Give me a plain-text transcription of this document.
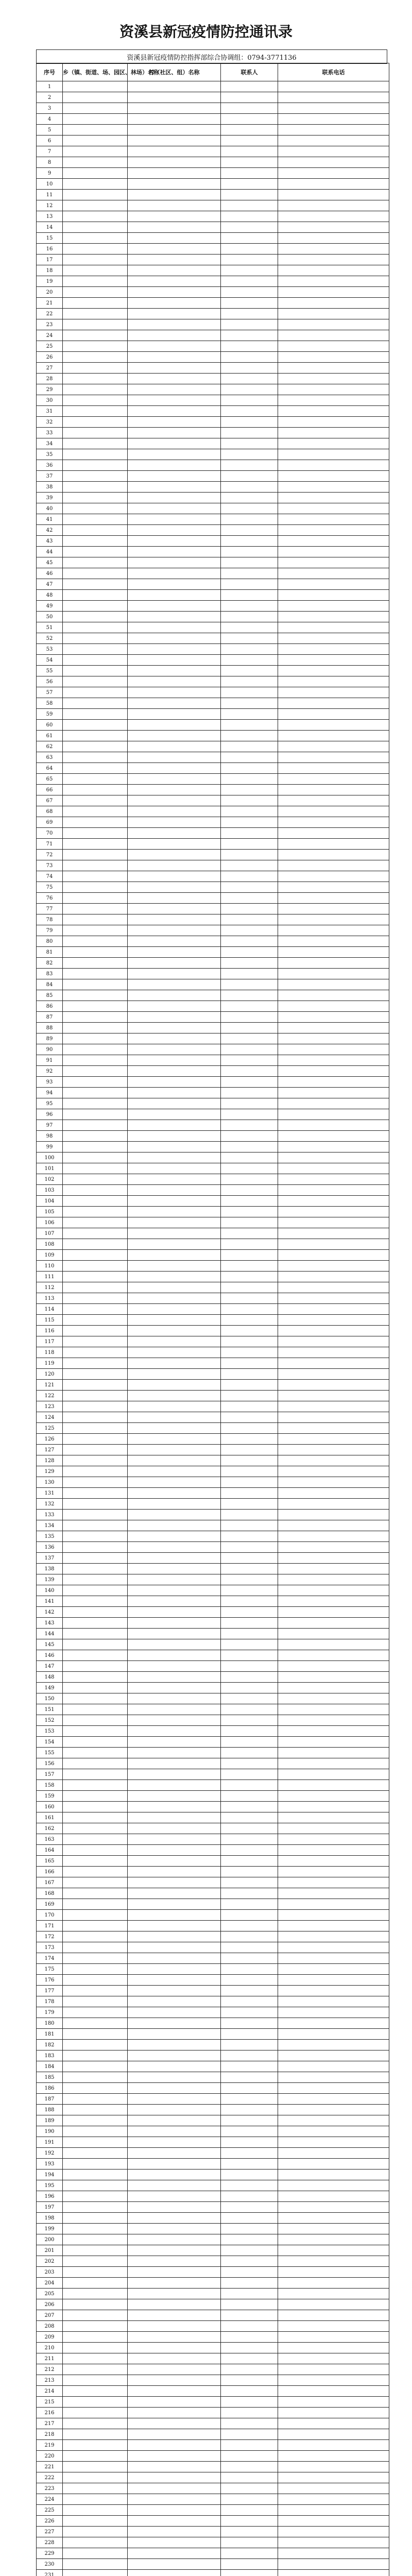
资溪县新冠疫情防控通讯录
资溪县新冠疫情防控指挥部综合协调组：0794-3771136
序号	乡（镇、街道、场、园区、林场）名称	村（社区、组）名称	联系人	联系电话
1				
2				
3				
4				
5				
6				
7				
8				
9				
10				
11				
12				
13				
14				
15				
16				
17				
18				
19				
20				
21				
22				
23				
24				
25				
26				
27				
28				
29				
30				
31				
32				
33				
34				
35				
36				
37				
38				
39				
40				
41				
42				
43				
44				
45				
46				
47				
48				
49				
50				
51				
52				
53				
54				
55				
56				
57				
58				
59				
60				
61				
62				
63				
64				
65				
66				
67				
68				
69				
70				
71				
72				
73				
74				
75				
76				
77				
78				
79				
80				
81				
82				
83				
84				
85				
86				
87				
88				
89				
90				
91				
92				
93				
94				
95				
96				
97				
98				
99				
100				
101				
102				
103				
104				
105				
106				
107				
108				
109				
110				
111				
112				
113				
114				
115				
116				
117				
118				
119				
120				
121				
122				
123				
124				
125				
126				
127				
128				
129				
130				
131				
132				
133				
134				
135				
136				
137				
138				
139				
140				
141				
142				
143				
144				
145				
146				
147				
148				
149				
150				
151				
152				
153				
154				
155				
156				
157				
158				
159				
160				
161				
162				
163				
164				
165				
166				
167				
168				
169				
170				
171				
172				
173				
174				
175				
176				
177				
178				
179				
180				
181				
182				
183				
184				
185				
186				
187				
188				
189				
190				
191				
192				
193				
194				
195				
196				
197				
198				
199				
200				
201				
202				
203				
204				
205				
206				
207				
208				
209				
210				
211				
212				
213				
214				
215				
216				
217				
218				
219				
220				
221				
222				
223				
224				
225				
226				
227				
228				
229				
230				
231				
